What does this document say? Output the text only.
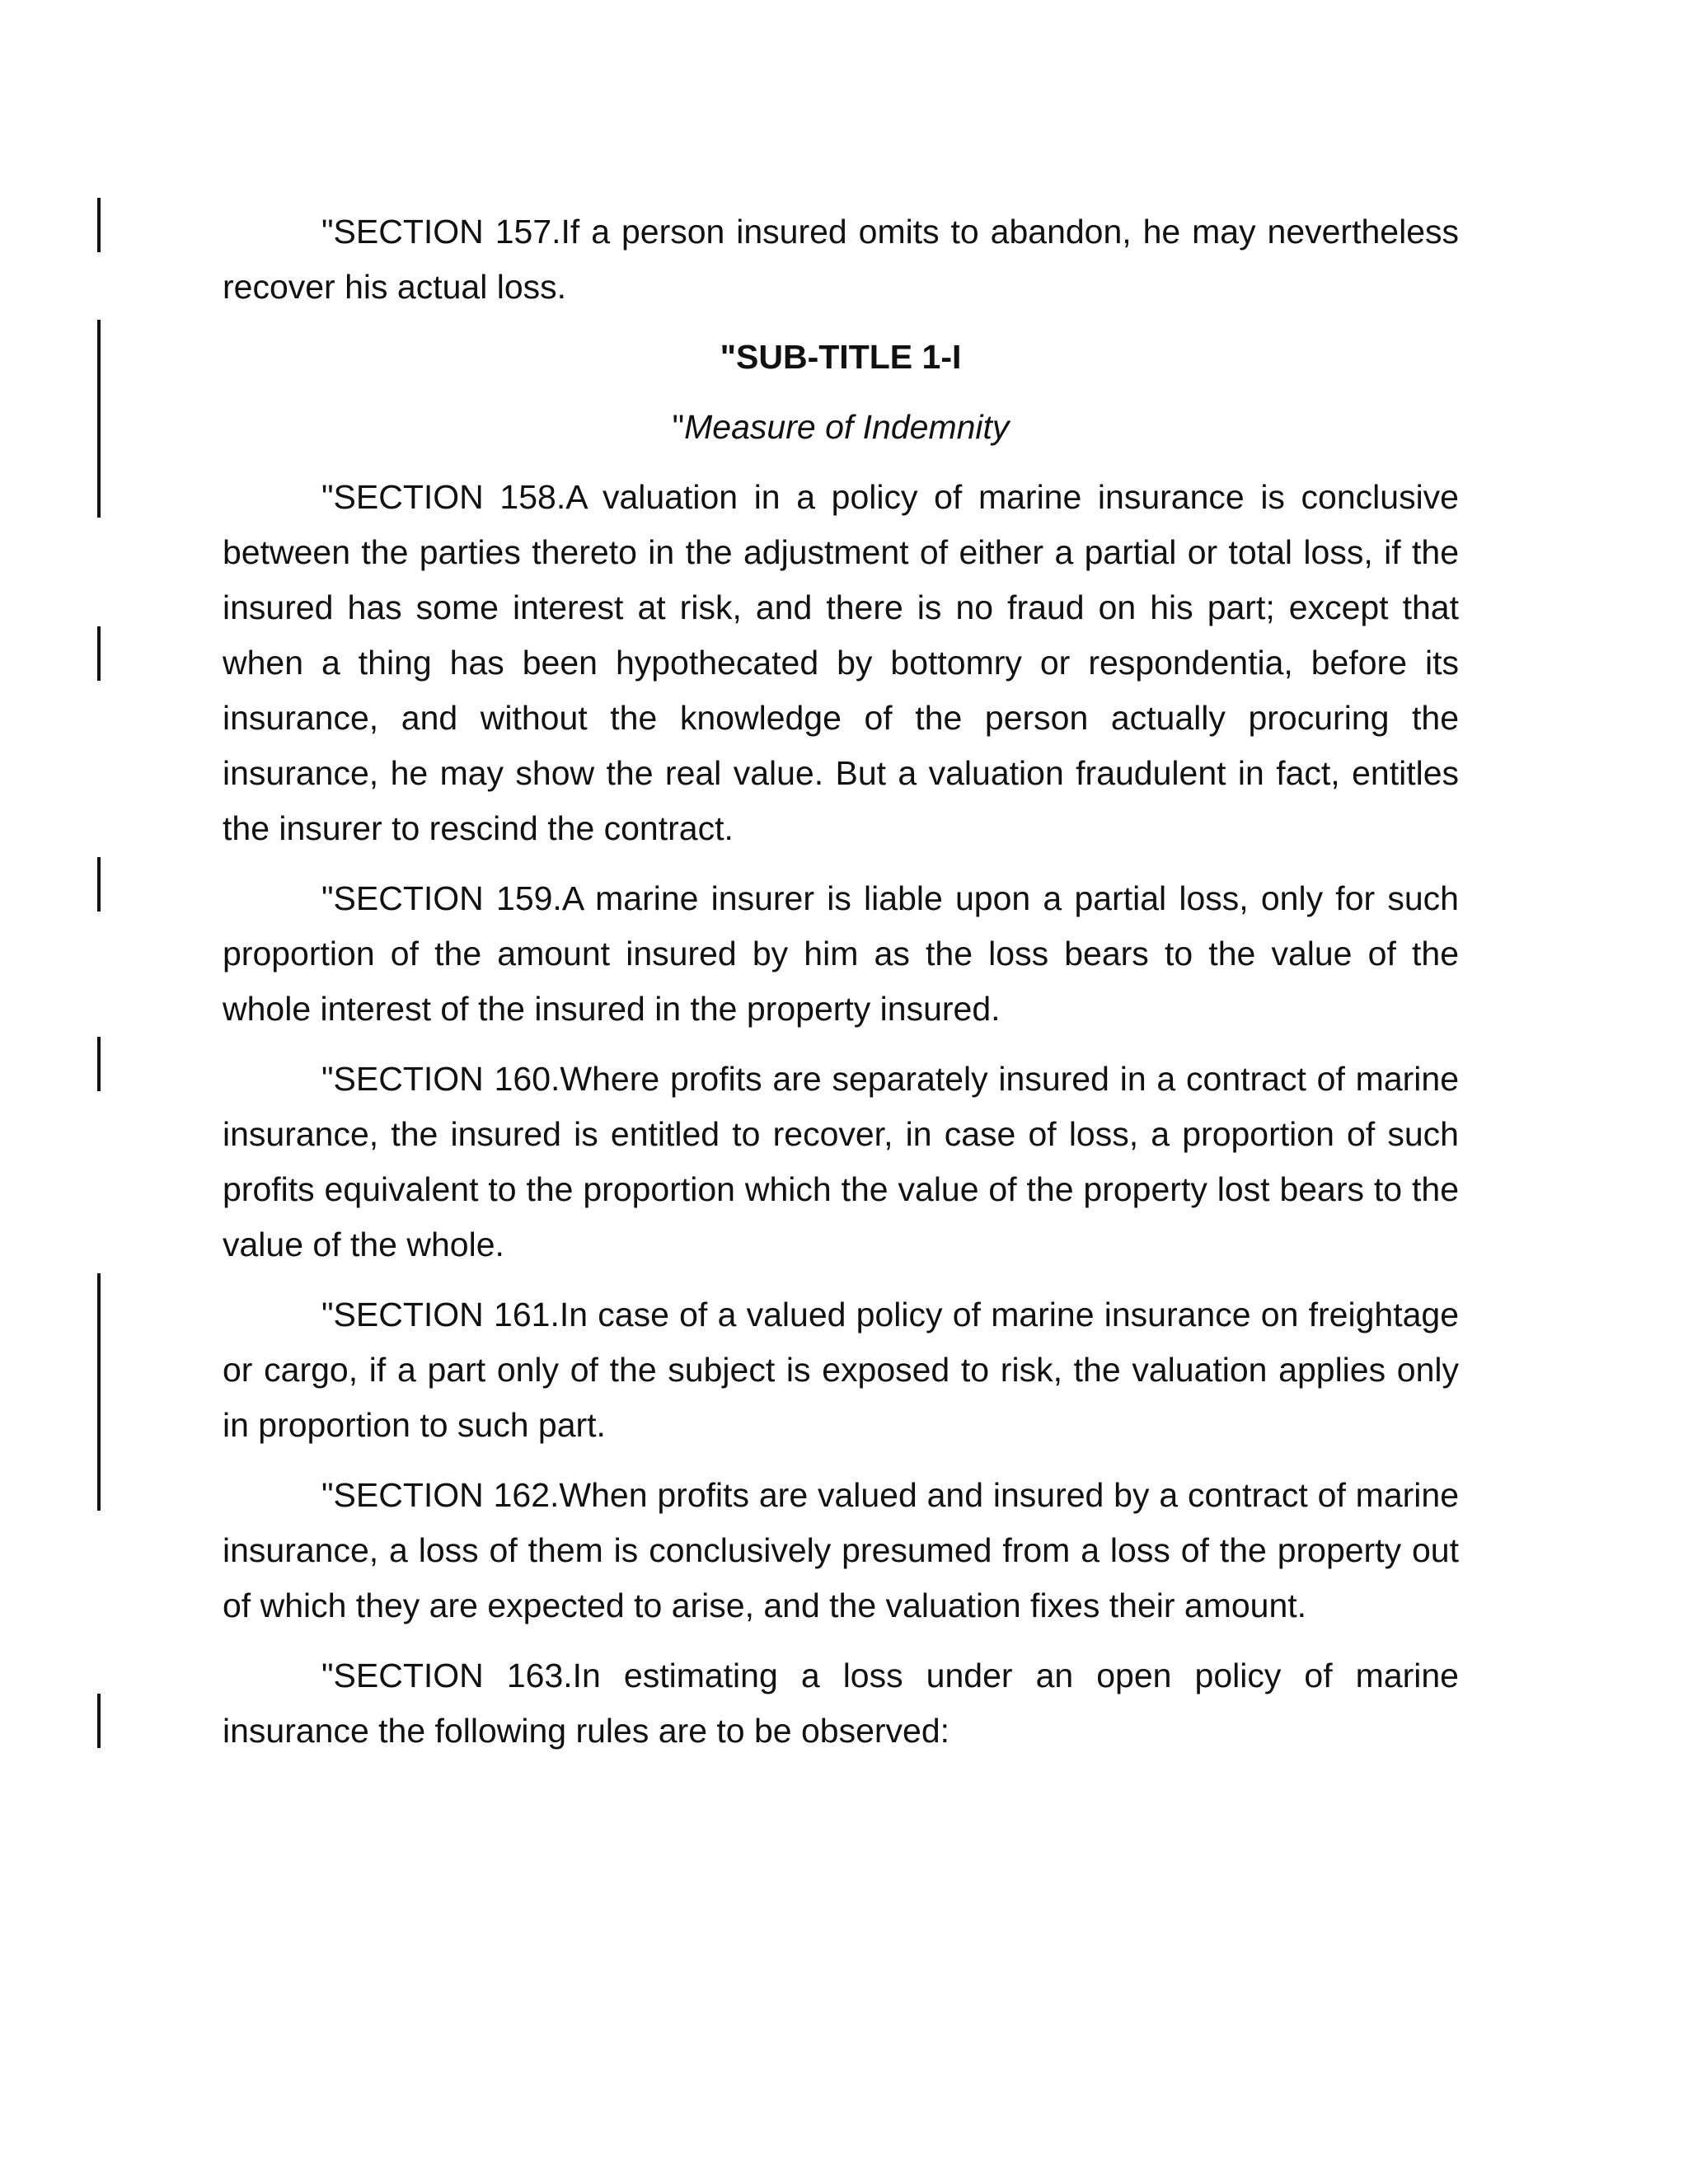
"SECTION 157.If a person insured omits to abandon, he may nevertheless recover his actual loss.

"SUB-TITLE 1-I

"Measure of Indemnity

"SECTION 158.A valuation in a policy of marine insurance is conclusive between the parties thereto in the adjustment of either a partial or total loss, if the insured has some interest at risk, and there is no fraud on his part; except that when a thing has been hypothecated by bottomry or respondentia, before its insurance, and without the knowledge of the person actually procuring the insurance, he may show the real value. But a valuation fraudulent in fact, entitles the insurer to rescind the contract.

"SECTION 159.A marine insurer is liable upon a partial loss, only for such proportion of the amount insured by him as the loss bears to the value of the whole interest of the insured in the property insured.

"SECTION 160.Where profits are separately insured in a contract of marine insurance, the insured is entitled to recover, in case of loss, a proportion of such profits equivalent to the proportion which the value of the property lost bears to the value of the whole.

"SECTION 161.In case of a valued policy of marine insurance on freightage or cargo, if a part only of the subject is exposed to risk, the valuation applies only in proportion to such part.

"SECTION 162.When profits are valued and insured by a contract of marine insurance, a loss of them is conclusively presumed from a loss of the property out of which they are expected to arise, and the valuation fixes their amount.

"SECTION 163.In estimating a loss under an open policy of marine insurance the following rules are to be observed:
